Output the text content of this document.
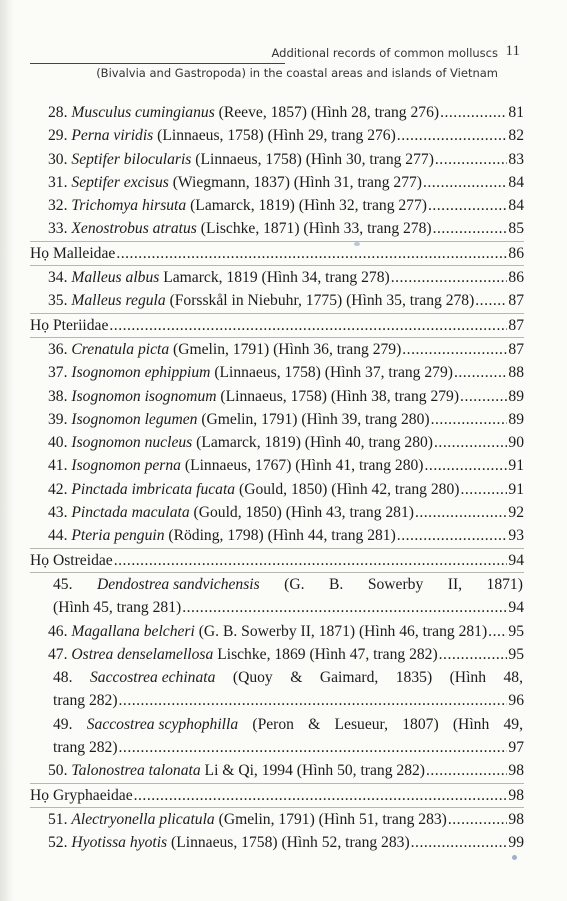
Additional records of common molluscs 11
(Bivalvia and Gastropoda) in the coastal areas and islands of Vietnam
28. Musculus cumingianus (Reeve, 1857) (Hình 28, trang 276) .....	81
29. Perna viridis (Linnaeus, 1758) (Hình 29, trang 276) .....	82
30. Septifer bilocularis (Linnaeus, 1758) (Hình 30, trang 277) .....	83
31. Septifer excisus (Wiegmann, 1837) (Hình 31, trang 277) .....	84
32. Trichomya hirsuta (Lamarck, 1819) (Hình 32, trang 277) .....	84
33. Xenostrobus atratus (Lischke, 1871) (Hình 33, trang 278) .....	85
Họ Malleidae .....	86
34. Malleus albus Lamarck, 1819 (Hình 34, trang 278) .....	86
35. Malleus regula (Forsskål in Niebuhr, 1775) (Hình 35, trang 278) ..... 87
Họ Pteriidae .....	87
36. Crenatula picta (Gmelin, 1791) (Hình 36, trang 279) .....	87
37. Isognomon ephippium (Linnaeus, 1758) (Hình 37, trang 279) .....	88
38. Isognomon isognomum (Linnaeus, 1758) (Hình 38, trang 279) .....	89
39. Isognomon legumen (Gmelin, 1791) (Hình 39, trang 280) .....	89
40. Isognomon nucleus (Lamarck, 1819) (Hình 40, trang 280) .....	90
41. Isognomon perna (Linnaeus, 1767) (Hình 41, trang 280) .....	91
42. Pinctada imbricata fucata (Gould, 1850) (Hình 42, trang 280) .....	91
43. Pinctada maculata (Gould, 1850) (Hình 43, trang 281) .....	92
44. Pteria penguin (Röding, 1798) (Hình 44, trang 281) .....	93
Họ Ostreidae .....	94
45. Dendostrea sandvichensis (G. B. Sowerby II, 1871)
(Hình 45, trang 281) .....	94
46. Magallana belcheri (G. B. Sowerby II, 1871) (Hình 46, trang 281) ..... 95
47. Ostrea denselamellosa Lischke, 1869 (Hình 47, trang 282) .....	95
48. Saccostrea echinata (Quoy & Gaimard, 1835) (Hình 48,
trang 282) .....	96
49. Saccostrea scyphophilla (Peron & Lesueur, 1807) (Hình 49,
trang 282) .....	97
50. Talonostrea talonata Li & Qi, 1994 (Hình 50, trang 282) .....	98
Họ Gryphaeidae .....	98
51. Alectryonella plicatula (Gmelin, 1791) (Hình 51, trang 283) .....	98
52. Hyotissa hyotis (Linnaeus, 1758) (Hình 52, trang 283) .....	99
